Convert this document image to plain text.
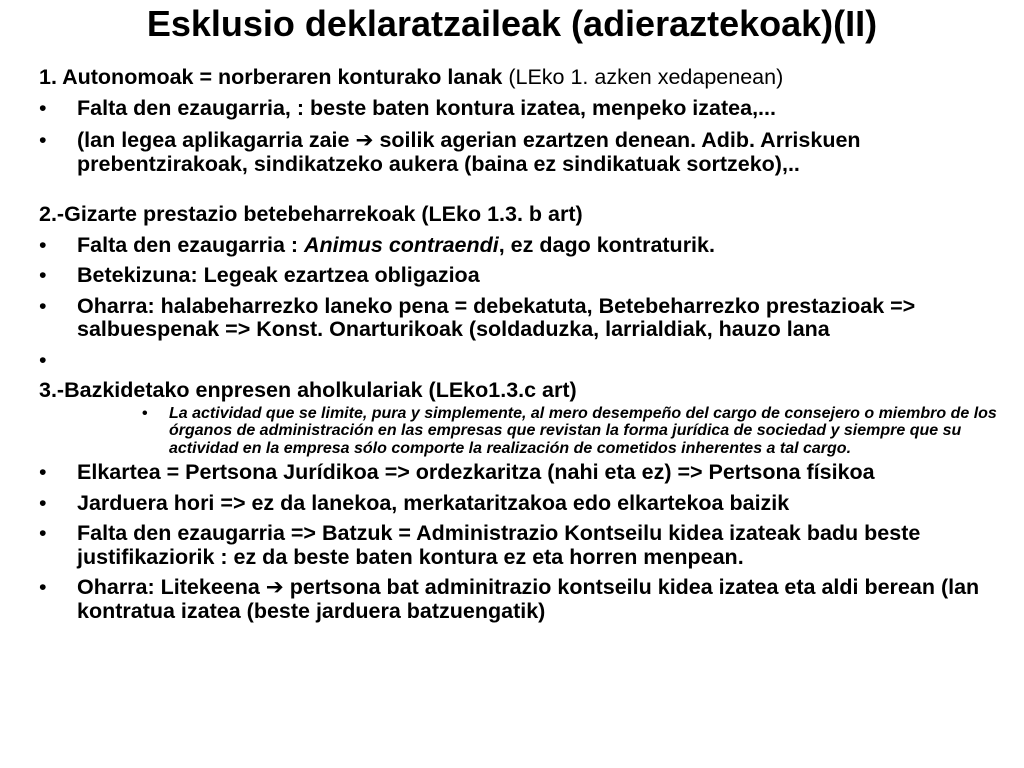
Esklusio deklaratzaileak (adieraztekoak)(II)

1. Autonomoak = norberaren konturako lanak (LEko 1. azken xedapenean)

• Falta den ezaugarria, : beste baten kontura izatea, menpeko izatea,...

• (lan legea aplikagarria zaie ➔ soilik agerian ezartzen denean. Adib. Arriskuen prebentzirakoak, sindikatzeko aukera (baina ez sindikatuak sortzeko),..

2.-Gizarte prestazio betebeharrekoak (LEko 1.3. b art)

• Falta den ezaugarria : Animus contraendi, ez dago kontraturik.

• Betekizuna: Legeak ezartzea obligazioa

• Oharra: halabeharrezko laneko pena = debekatuta, Betebeharrezko prestazioak => salbuespenak => Konst. Onarturikoak (soldaduzka, larrialdiak, hauzo lana

•

3.-Bazkidetako enpresen aholkulariak (LEko1.3.c art)

• La actividad que se limite, pura y simplemente, al mero desempeño del cargo de consejero o miembro de los órganos de administración en las empresas que revistan la forma jurídica de sociedad y siempre que su actividad en la empresa sólo comporte la realización de cometidos inherentes a tal cargo.

• Elkartea = Pertsona Jurídikoa => ordezkaritza (nahi eta ez) => Pertsona físikoa

• Jarduera hori => ez da lanekoa, merkataritzakoa edo elkartekoa baizik

• Falta den ezaugarria => Batzuk = Administrazio Kontseilu kidea izateak badu beste justifikaziorik : ez da beste baten kontura ez eta horren menpean.

• Oharra: Litekeena ➔ pertsona bat adminitrazio kontseilu kidea izatea eta aldi berean (lan kontratua izatea (beste jarduera batzuengatik)
